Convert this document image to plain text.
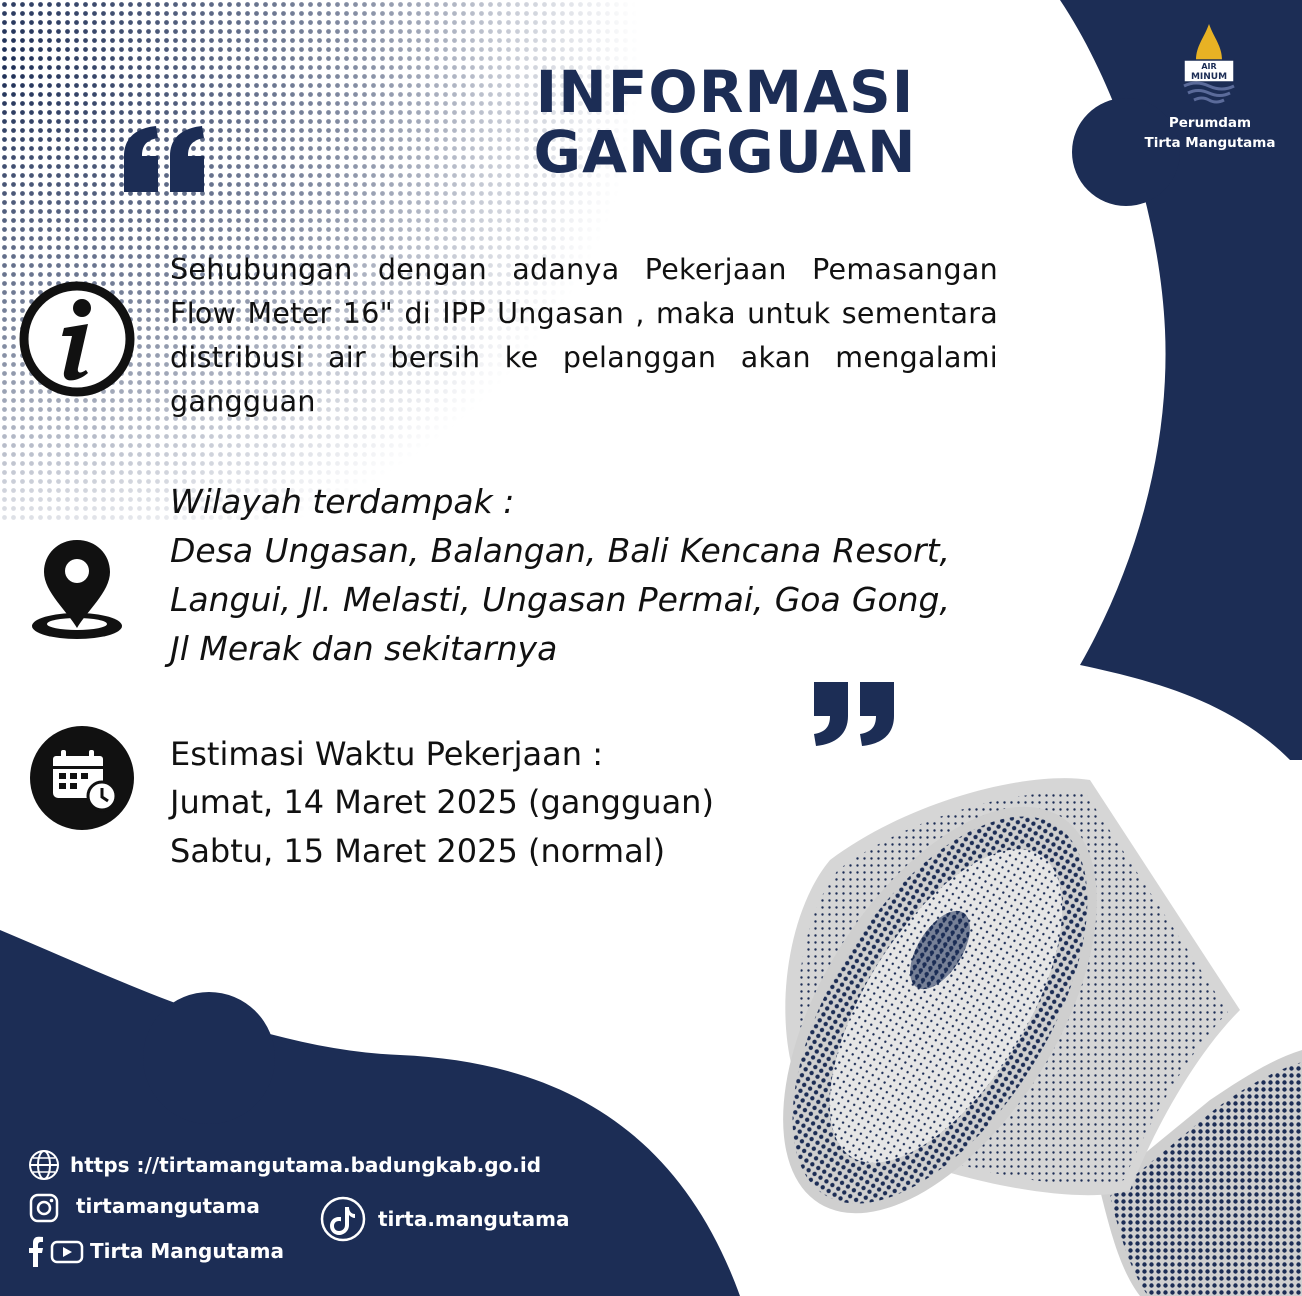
AIR
MINUM
Perumdam
Tirta Mangutama
INFORMASI
GANGGUAN
Sehubungan dengan adanya Pekerjaan Pemasangan Flow Meter 16" di IPP Ungasan , maka untuk sementara distribusi air bersih ke pelanggan akan mengalami gangguan
Wilayah terdampak :
Desa Ungasan, Balangan, Bali Kencana Resort, Langui, Jl. Melasti, Ungasan Permai, Goa Gong, Jl Merak dan sekitarnya
Estimasi Waktu Pekerjaan :
Jumat, 14 Maret 2025 (gangguan)
Sabtu, 15 Maret 2025 (normal)
https ://tirtamangutama.badungkab.go.id
tirtamangutama
tirta.mangutama
Tirta Mangutama
